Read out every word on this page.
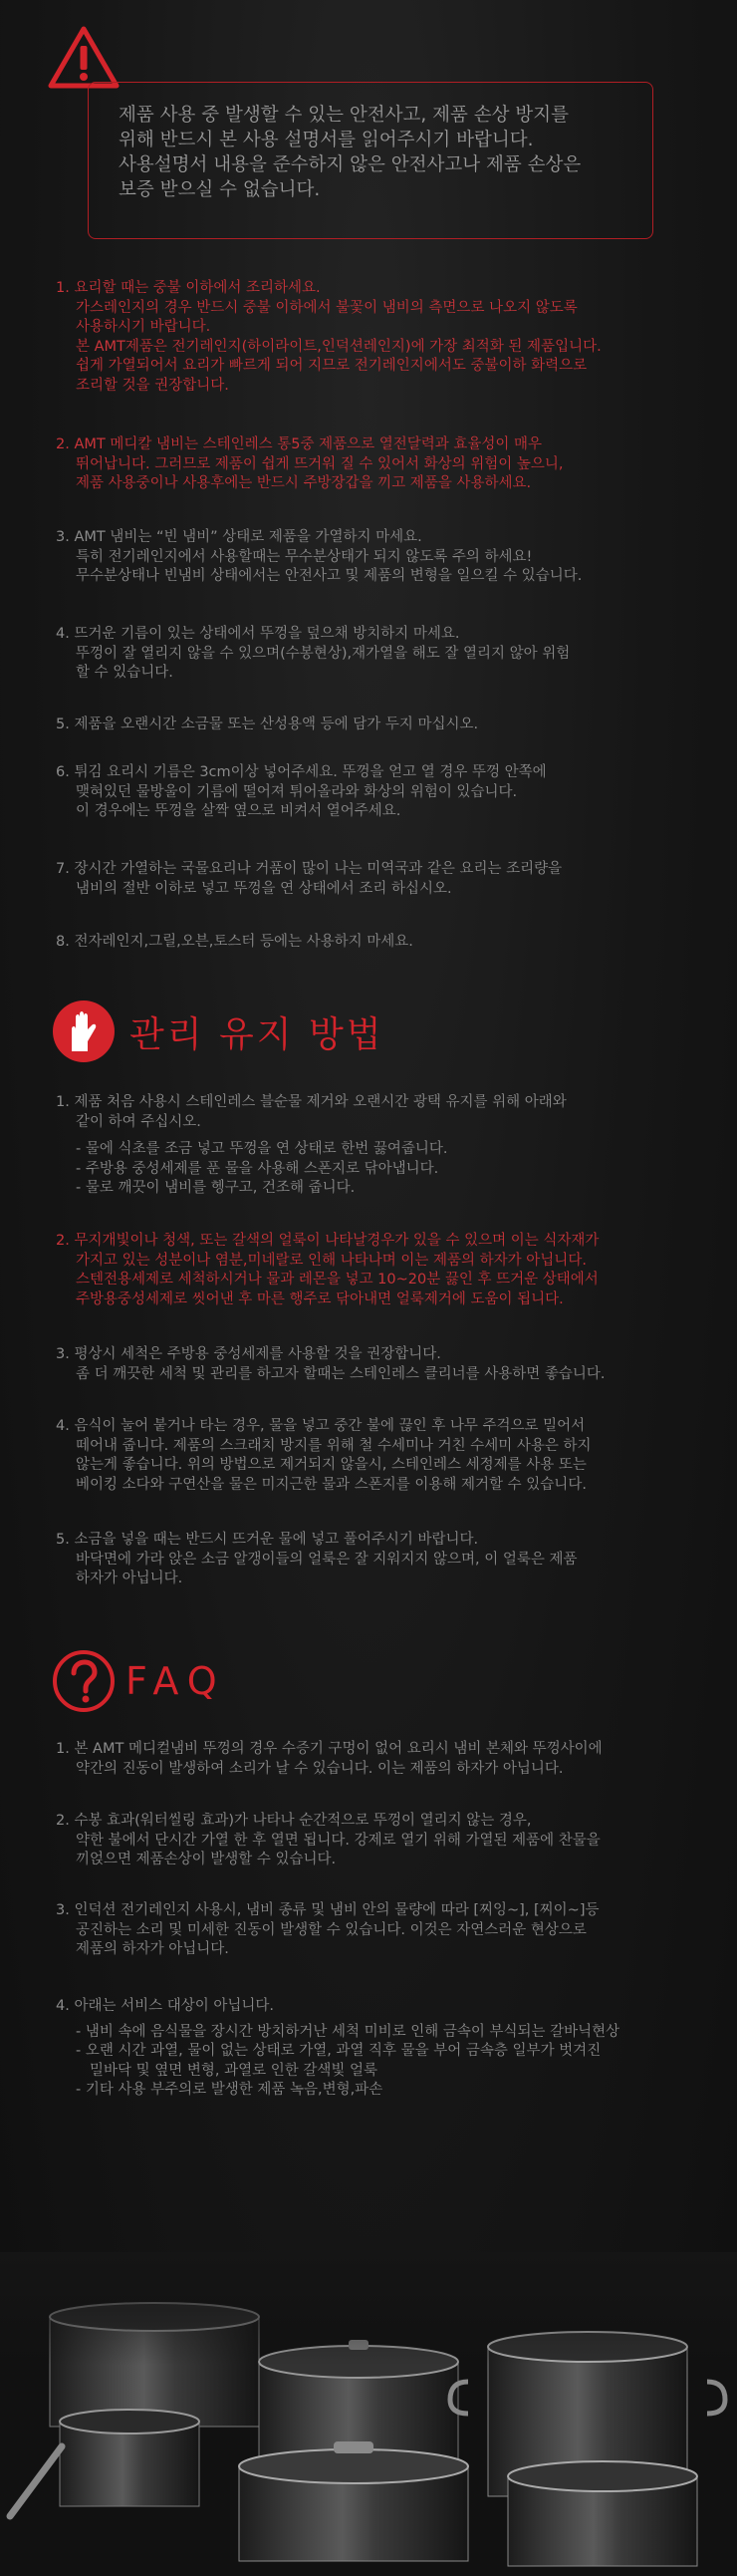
제품 사용 중 발생할 수 있는 안전사고, 제품 손상 방지를
위해 반드시 본 사용 설명서를 읽어주시기 바랍니다.
사용설명서 내용을 준수하지 않은 안전사고나 제품 손상은
보증 받으실 수 없습니다.
1. 요리할 때는 중불 이하에서 조리하세요.
가스레인지의 경우 반드시 중불 이하에서 불꽃이 냄비의 측면으로 나오지 않도록
사용하시기 바랍니다.
본 AMT제품은 전기레인지(하이라이트,인덕션레인지)에 가장 최적화 된 제품입니다.
쉽게 가열되어서 요리가 빠르게 되어 지므로 전기레인지에서도 중불이하 화력으로
조리할 것을 권장합니다.
2. AMT 메디칼 냄비는 스테인레스 통5중 제품으로 열전달력과 효율성이 매우
뛰어납니다. 그러므로 제품이 쉽게 뜨거워 질 수 있어서 화상의 위험이 높으니,
제품 사용중이나 사용후에는 반드시 주방장갑을 끼고 제품을 사용하세요.
3. AMT 냄비는 “빈 냄비” 상태로 제품을 가열하지 마세요.
특히 전기레인지에서 사용할때는 무수분상태가 되지 않도록 주의 하세요!
무수분상태나 빈냄비 상태에서는 안전사고 및 제품의 변형을 일으킬 수 있습니다.
4. 뜨거운 기름이 있는 상태에서 뚜껑을 덮으채 방치하지 마세요.
뚜껑이 잘 열리지 않을 수 있으며(수봉현상),재가열을 해도 잘 열리지 않아 위험
할 수 있습니다.
5. 제품을 오랜시간 소금물 또는 산성용액 등에 담가 두지 마십시오.
6. 튀김 요리시 기름은 3cm이상 넣어주세요. 뚜껑을 얻고 열 경우 뚜껑 안쪽에
맺혀있던 물방울이 기름에 떨어져 튀어올라와 화상의 위험이 있습니다.
이 경우에는 뚜껑을 살짝 옆으로 비켜서 열어주세요.
7. 장시간 가열하는 국물요리나 거품이 많이 나는 미역국과 같은 요리는 조리량을
냄비의 절반 이하로 넣고 뚜껑을 연 상태에서 조리 하십시오.
8. 전자레인지,그릴,오븐,토스터 등에는 사용하지 마세요.
관리 유지 방법
1. 제품 처음 사용시 스테인레스 블순물 제거와 오랜시간 광택 유지를 위해 아래와
같이 하여 주십시오.
- 물에 식초를 조금 넣고 뚜껑을 연 상태로 한번 끓여줍니다.
- 주방용 중성세제를 푼 물을 사용해 스폰지로 닦아냅니다.
- 물로 깨끗이 냄비를 헹구고, 건조해 줍니다.
2. 무지개빛이나 청색, 또는 갈색의 얼룩이 나타날경우가 있을 수 있으며 이는 식자재가
가지고 있는 성분이나 염분,미네랄로 인해 나타나며 이는 제품의 하자가 아닙니다.
스텐전용세제로 세척하시거나 물과 레몬을 넣고 10~20분 끓인 후 뜨거운 상태에서
주방용중성세제로 씻어낸 후 마른 행주로 닦아내면 얼룩제거에 도움이 됩니다.
3. 평상시 세척은 주방용 중성세제를 사용할 것을 권장합니다.
좀 더 깨끗한 세척 및 관리를 하고자 할때는 스테인레스 클리너를 사용하면 좋습니다.
4. 음식이 눌어 붙거나 타는 경우, 물을 넣고 중간 불에 끊인 후 나무 주걱으로 밀어서
떼어내 줍니다. 제품의 스크래치 방지를 위해 철 수세미나 거친 수세미 사용은 하지
않는게 좋습니다. 위의 방법으로 제거되지 않을시, 스테인레스 세정제를 사용 또는
베이킹 소다와 구연산을 물은 미지근한 물과 스폰지를 이용해 제거할 수 있습니다.
5. 소금을 넣을 때는 반드시 뜨거운 물에 넣고 풀어주시기 바랍니다.
바닥면에 가라 앉은 소금 알갱이들의 얼룩은 잘 지워지지 않으며, 이 얼룩은 제품
하자가 아닙니다.
FAQ
1. 본 AMT 메디컬냄비 뚜껑의 경우 수증기 구멍이 없어 요리시 냄비 본체와 뚜껑사이에
약간의 진동이 발생하여 소리가 날 수 있습니다. 이는 제품의 하자가 아닙니다.
2. 수봉 효과(워터씰링 효과)가 나타나 순간적으로 뚜껑이 열리지 않는 경우,
약한 불에서 단시간 가열 한 후 열면 됩니다. 강제로 열기 위해 가열된 제품에 찬물을
끼얹으면 제품손상이 발생할 수 있습니다.
3. 인덕션 전기레인지 사용시, 냄비 종류 및 냄비 안의 물량에 따라 [찌잉~], [찌이~]등
공진하는 소리 및 미세한 진동이 발생할 수 있습니다. 이것은 자연스러운 현상으로
제품의 하자가 아닙니다.
4. 아래는 서비스 대상이 아닙니다.
- 냄비 속에 음식물을 장시간 방치하거난 세척 미비로 인해 금속이 부식되는 갈바닉현상
- 오랜 시간 과열, 물이 없는 상태로 가열, 과열 직후 물을 부어 금속층 일부가 벗겨진
밀바닥 및 옆면 변형, 과열로 인한 갈색빛 얼룩
- 기타 사용 부주의로 발생한 제품 녹음,변형,파손
